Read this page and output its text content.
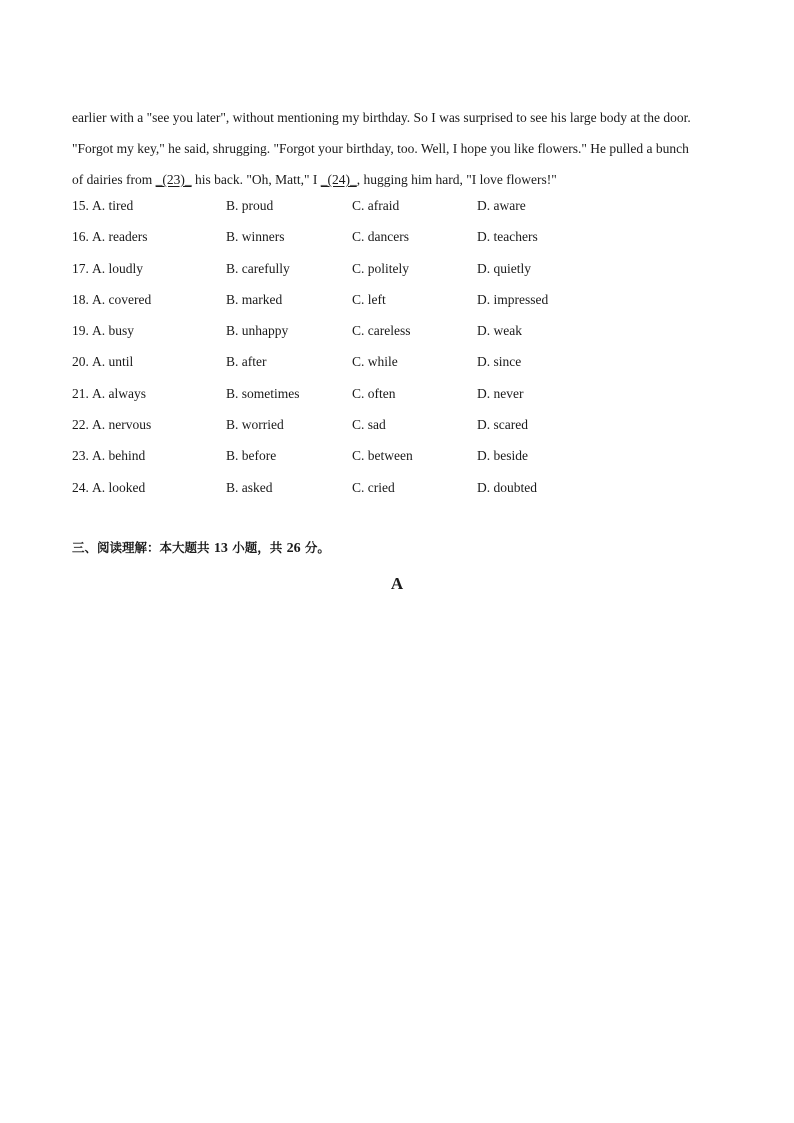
earlier with a "see you later", without mentioning my birthday. So I was surprised to see his large body at the door.
"Forgot my key," he said, shrugging. "Forgot your birthday, too. Well, I hope you like flowers." He pulled a bunch
of dairies from _(23)_ his back. "Oh, Matt," I _(24)_, hugging him hard, "I love flowers!"
15. A. tired	B. proud	C. afraid	D. aware
16. A. readers	B. winners	C. dancers	D. teachers
17. A. loudly	B. carefully	C. politely	D. quietly
18. A. covered	B. marked	C. left	D. impressed
19. A. busy	B. unhappy	C. careless	D. weak
20. A. until	B. after	C. while	D. since
21. A. always	B. sometimes	C. often	D. never
22. A. nervous	B. worried	C. sad	D. scared
23. A. behind	B. before	C. between	D. beside
24. A. looked	B. asked	C. cried	D. doubted
三、阅读理解：本大题共 13 小题，共 26 分。
A
